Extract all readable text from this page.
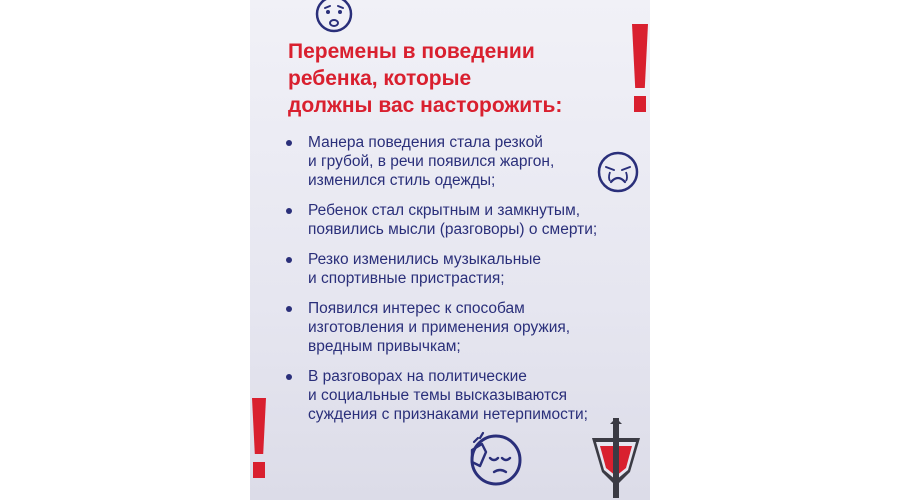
Перемены в поведении
ребенка, которые
должны вас насторожить:
Манера поведения стала резкой
и грубой, в речи появился жаргон,
изменился стиль одежды;
Ребенок стал скрытным и замкнутым,
появились мысли (разговоры) о смерти;
Резко изменились музыкальные
и спортивные пристрастия;
Появился интерес к способам
изготовления и применения оружия,
вредным привычкам;
В разговорах на политические
и социальные темы высказываются
суждения с признаками нетерпимости;
